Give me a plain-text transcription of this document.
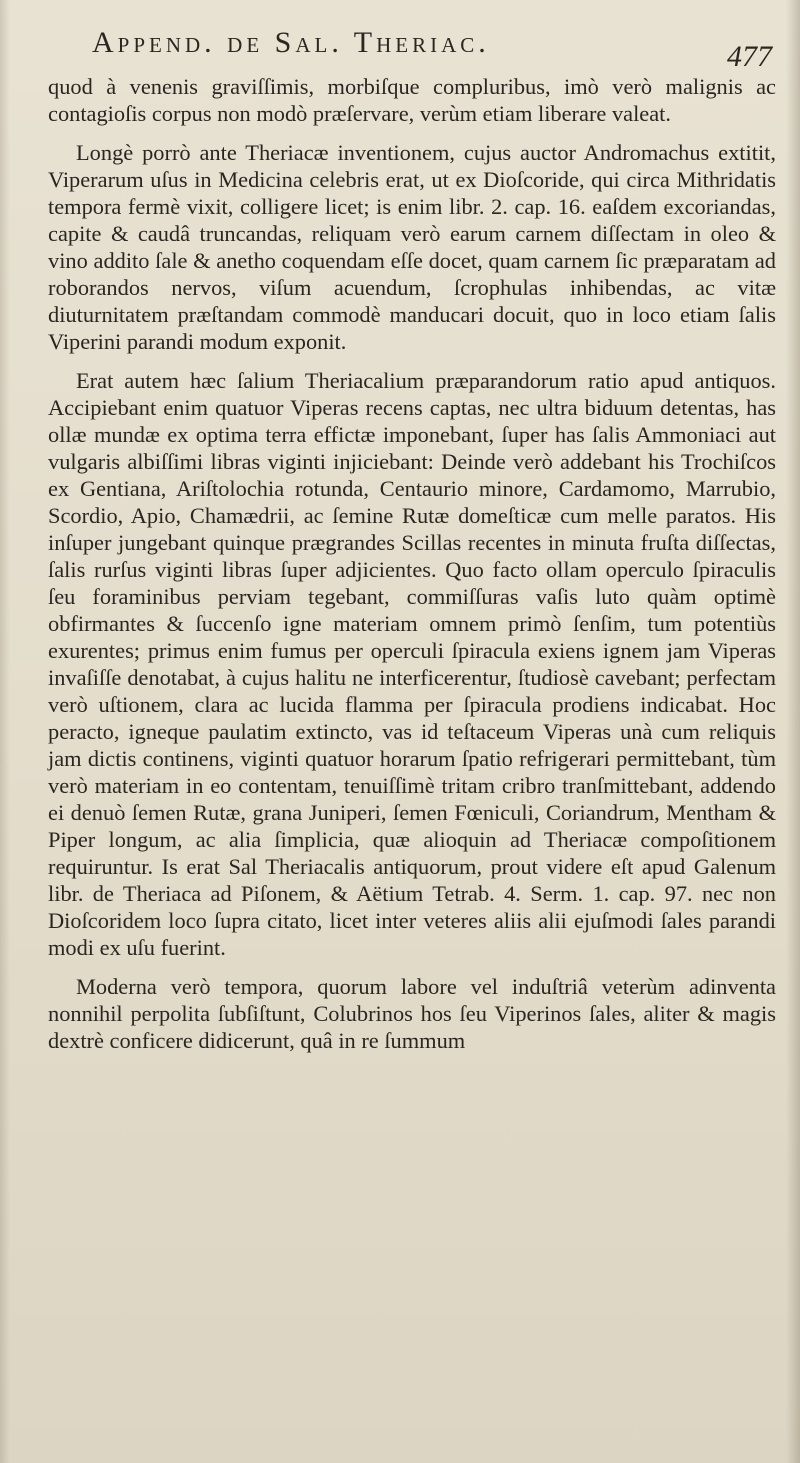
Append. de Sal. Theriac.	477

quod à venenis graviſſimis, morbiſque compluribus, imò verò malignis ac contagioſis corpus non modò præſervare, verùm etiam liberare valeat.

Longè porrò ante Theriacæ inventionem, cujus auctor Andromachus extitit, Viperarum uſus in Medicina celebris erat, ut ex Dioſcoride, qui circa Mithridatis tempora fermè vixit, colligere licet; is enim libr. 2. cap. 16. eaſdem excoriandas, capite & caudâ truncandas, reliquam verò earum carnem diſſectam in oleo & vino addito ſale & anetho coquendam eſſe docet, quam carnem ſic præparatam ad roborandos nervos, viſum acuendum, ſcrophulas inhibendas, ac vitæ diuturnitatem præſtandam commodè manducari docuit, quo in loco etiam ſalis Viperini parandi modum exponit.

Erat autem hæc ſalium Theriacalium præparandorum ratio apud antiquos. Accipiebant enim quatuor Viperas recens captas, nec ultra biduum detentas, has ollæ mundæ ex optima terra effictæ imponebant, ſuper has ſalis Ammoniaci aut vulgaris albiſſimi libras viginti injiciebant: Deinde verò addebant his Trochiſcos ex Gentiana, Ariſtolochia rotunda, Centaurio minore, Cardamomo, Marrubio, Scordio, Apio, Chamædrii, ac ſemine Rutæ domeſticæ cum melle paratos. His inſuper jungebant quinque prægrandes Scillas recentes in minuta fruſta diſſectas, ſalis rurſus viginti libras ſuper adjicientes. Quo facto ollam operculo ſpiraculis ſeu foraminibus perviam tegebant, commiſſuras vaſis luto quàm optimè obfirmantes & ſuccenſo igne materiam omnem primò ſenſim, tum potentiùs exurentes; primus enim fumus per operculi ſpiracula exiens ignem jam Viperas invaſiſſe denotabat, à cujus halitu ne interficerentur, ſtudiosè cavebant; perfectam verò uſtionem, clara ac lucida flamma per ſpiracula prodiens indicabat. Hoc peracto, igneque paulatim extincto, vas id teſtaceum Viperas unà cum reliquis jam dictis continens, viginti quatuor horarum ſpatio refrigerari permittebant, tùm verò materiam in eo contentam, tenuiſſimè tritam cribro tranſmittebant, addendo ei denuò ſemen Rutæ, grana Juniperi, ſemen Fœniculi, Coriandrum, Mentham & Piper longum, ac alia ſimplicia, quæ alioquin ad Theriacæ compoſitionem requiruntur. Is erat Sal Theriacalis antiquorum, prout videre eſt apud Galenum libr. de Theriaca ad Piſonem, & Aëtium Tetrab. 4. Serm. 1. cap. 97. nec non Dioſcoridem loco ſupra citato, licet inter veteres aliis alii ejuſmodi ſales parandi modi ex uſu fuerint.

Moderna verò tempora, quorum labore vel induſtriâ veterùm adinventa nonnihil perpolita ſubſiſtunt, Colubrinos hos ſeu Viperinos ſales, aliter & magis dextrè conficere didicerunt, quâ in re ſummum
